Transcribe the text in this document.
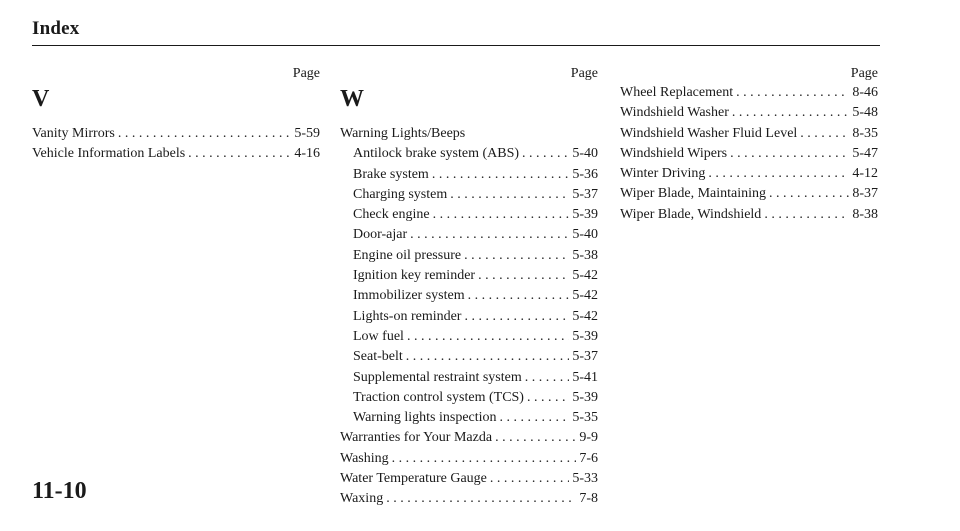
Index
Page
V
Vanity Mirrors . . .	5-59
Vehicle Information Labels . . .	4-16
Page
W
Warning Lights/Beeps
Antilock brake system (ABS) . . .	5-40
Brake system . . .	5-36
Charging system . . .	5-37
Check engine . . .	5-39
Door-ajar . . .	5-40
Engine oil pressure . . .	5-38
Ignition key reminder . . .	5-42
Immobilizer system . . .	5-42
Lights-on reminder . . .	5-42
Low fuel . . .	5-39
Seat-belt . . .	5-37
Supplemental restraint system . . .	5-41
Traction control system (TCS) . . .	5-39
Warning lights inspection . . .	5-35
Warranties for Your Mazda . . .	9-9
Washing . . .	7-6
Water Temperature Gauge . . .	5-33
Waxing . . .	7-8
Page
Wheel Replacement . . .	8-46
Windshield Washer . . .	5-48
Windshield Washer Fluid Level . . .	8-35
Windshield Wipers . . .	5-47
Winter Driving . . .	4-12
Wiper Blade, Maintaining . . .	8-37
Wiper Blade, Windshield . . .	8-38
11-10
